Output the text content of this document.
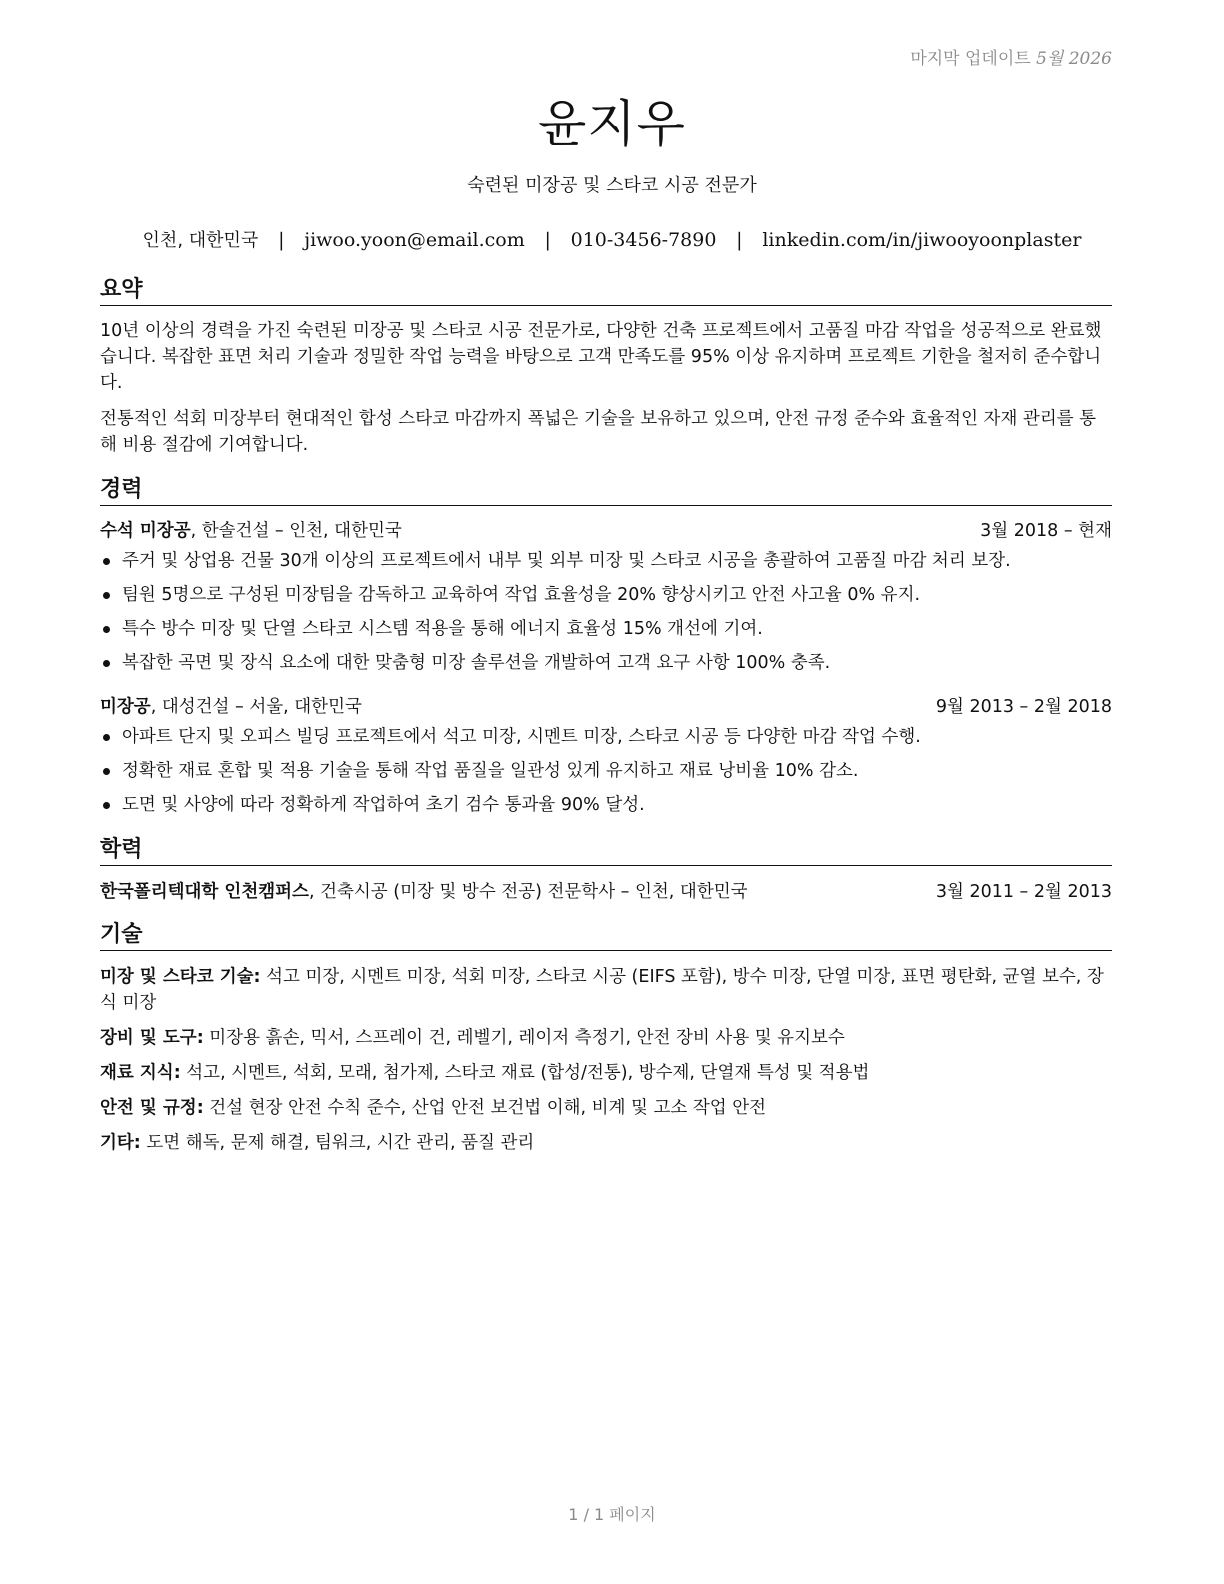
마지막 업데이트 5월 2026
윤지우
숙련된 미장공 및 스타코 시공 전문가
인천, 대한민국 | jiwoo.yoon@email.com | 010-3456-7890 | linkedin.com/in/jiwooyoonplaster
요약

10년 이상의 경력을 가진 숙련된 미장공 및 스타코 시공 전문가로, 다양한 건축 프로젝트에서 고품질 마감 작업을 성공적으로 완료했습니다. 복잡한 표면 처리 기술과 정밀한 작업 능력을 바탕으로 고객 만족도를 95% 이상 유지하며 프로젝트 기한을 철저히 준수합니다.

전통적인 석회 미장부터 현대적인 합성 스타코 마감까지 폭넓은 기술을 보유하고 있으며, 안전 규정 준수와 효율적인 자재 관리를 통해 비용 절감에 기여합니다.

경력
수석 미장공, 한솔건설 – 인천, 대한민국	3월 2018 – 현재
주거 및 상업용 건물 30개 이상의 프로젝트에서 내부 및 외부 미장 및 스타코 시공을 총괄하여 고품질 마감 처리 보장.
팀원 5명으로 구성된 미장팀을 감독하고 교육하여 작업 효율성을 20% 향상시키고 안전 사고율 0% 유지.
특수 방수 미장 및 단열 스타코 시스템 적용을 통해 에너지 효율성 15% 개선에 기여.
복잡한 곡면 및 장식 요소에 대한 맞춤형 미장 솔루션을 개발하여 고객 요구 사항 100% 충족.
미장공, 대성건설 – 서울, 대한민국	9월 2013 – 2월 2018
아파트 단지 및 오피스 빌딩 프로젝트에서 석고 미장, 시멘트 미장, 스타코 시공 등 다양한 마감 작업 수행.
정확한 재료 혼합 및 적용 기술을 통해 작업 품질을 일관성 있게 유지하고 재료 낭비율 10% 감소.
도면 및 사양에 따라 정확하게 작업하여 초기 검수 통과율 90% 달성.
학력
한국폴리텍대학 인천캠퍼스, 건축시공 (미장 및 방수 전공) 전문학사 – 인천, 대한민국	3월 2011 – 2월 2013
기술

미장 및 스타코 기술: 석고 미장, 시멘트 미장, 석회 미장, 스타코 시공 (EIFS 포함), 방수 미장, 단열 미장, 표면 평탄화, 균열 보수, 장식 미장

장비 및 도구: 미장용 흙손, 믹서, 스프레이 건, 레벨기, 레이저 측정기, 안전 장비 사용 및 유지보수

재료 지식: 석고, 시멘트, 석회, 모래, 첨가제, 스타코 재료 (합성/전통), 방수제, 단열재 특성 및 적용법

안전 및 규정: 건설 현장 안전 수칙 준수, 산업 안전 보건법 이해, 비계 및 고소 작업 안전

기타: 도면 해독, 문제 해결, 팀워크, 시간 관리, 품질 관리

1 / 1 페이지
